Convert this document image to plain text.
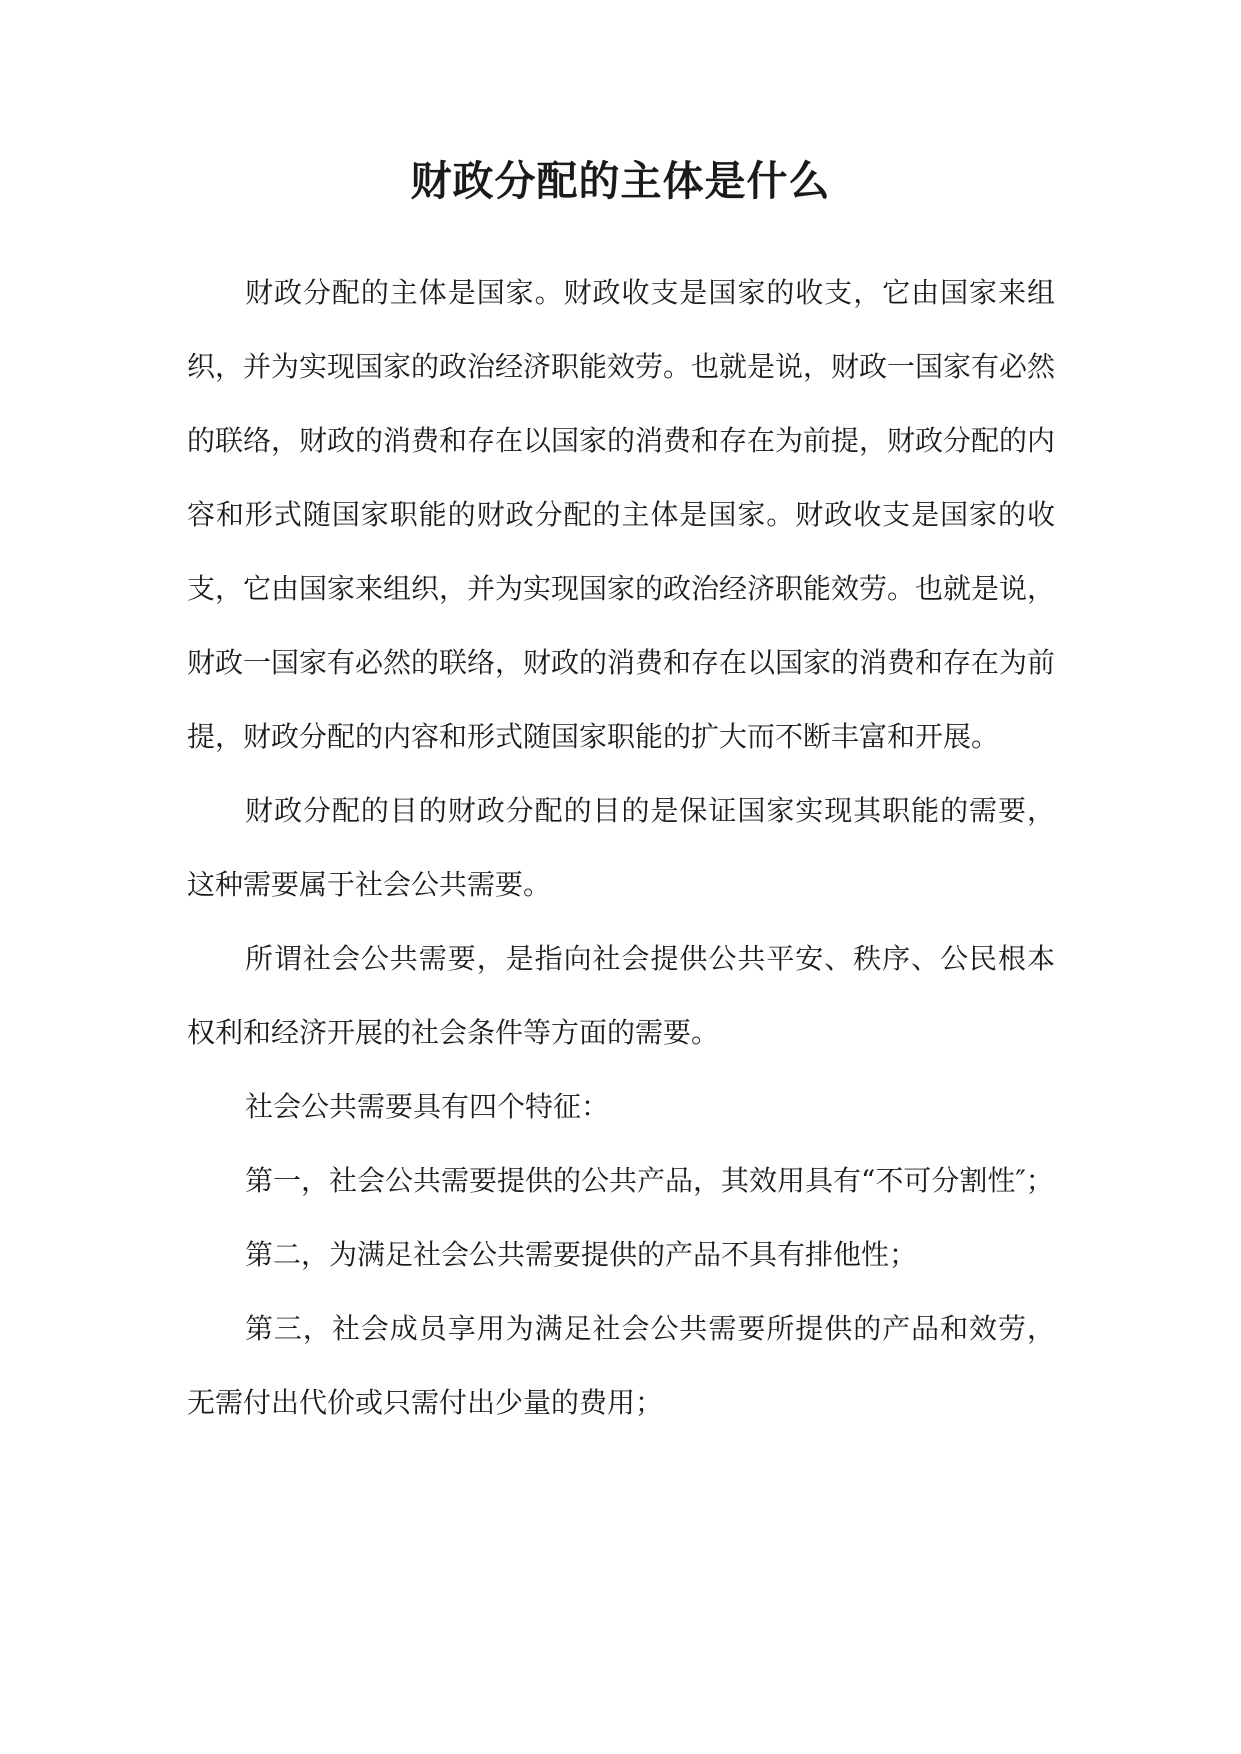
财政分配的主体是什么

财政分配的主体是国家。财政收支是国家的收支，它由国家来组织，并为实现国家的政治经济职能效劳。也就是说，财政一国家有必然的联络，财政的消费和存在以国家的消费和存在为前提，财政分配的内容和形式随国家职能的财政分配的主体是国家。财政收支是国家的收支，它由国家来组织，并为实现国家的政治经济职能效劳。也就是说，财政一国家有必然的联络，财政的消费和存在以国家的消费和存在为前提，财政分配的内容和形式随国家职能的扩大而不断丰富和开展。

财政分配的目的财政分配的目的是保证国家实现其职能的需要，这种需要属于社会公共需要。

所谓社会公共需要，是指向社会提供公共平安、秩序、公民根本权利和经济开展的社会条件等方面的需要。

社会公共需要具有四个特征：

第一，社会公共需要提供的公共产品，其效用具有“不可分割性″；

第二，为满足社会公共需要提供的产品不具有排他性；

第三，社会成员享用为满足社会公共需要所提供的产品和效劳，无需付出代价或只需付出少量的费用；
